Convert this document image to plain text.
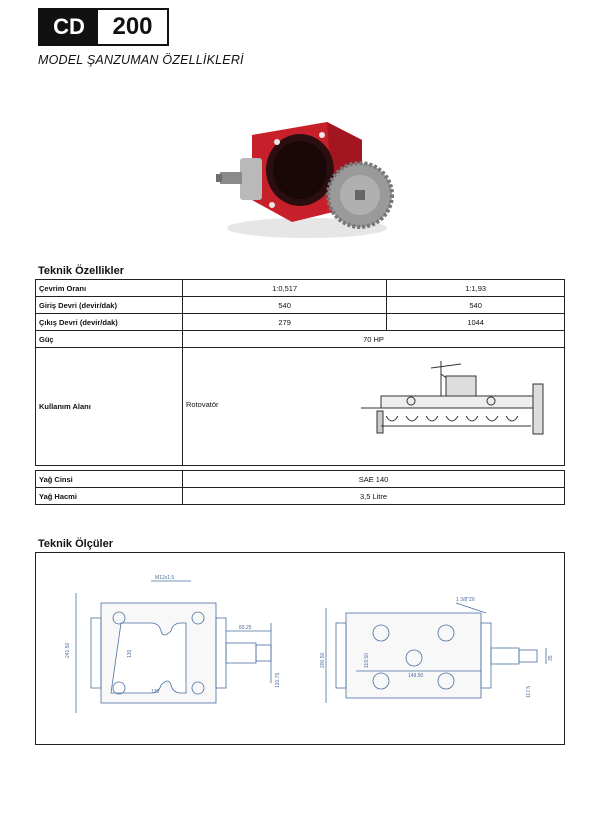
CD	200
MODEL ŞANZUMAN ÖZELLİKLERİ
Teknik Özellikler
Çevrim Oranı	1:0,517	1:1,93
Giriş Devri (devir/dak)	540	540
Çıkış Devri (devir/dak)	279	1044
Güç	70 HP	
Kullanım Alanı	Rotovatör	

Yağ Cinsi	SAE 140	
Yağ Hacmi	3,5 Litre	
Teknik Ölçüler
M12x1.5
241.50	130
130
83.25
120.75
1 3/8"Z6
200.50	119.50
149.50
35
117.5
